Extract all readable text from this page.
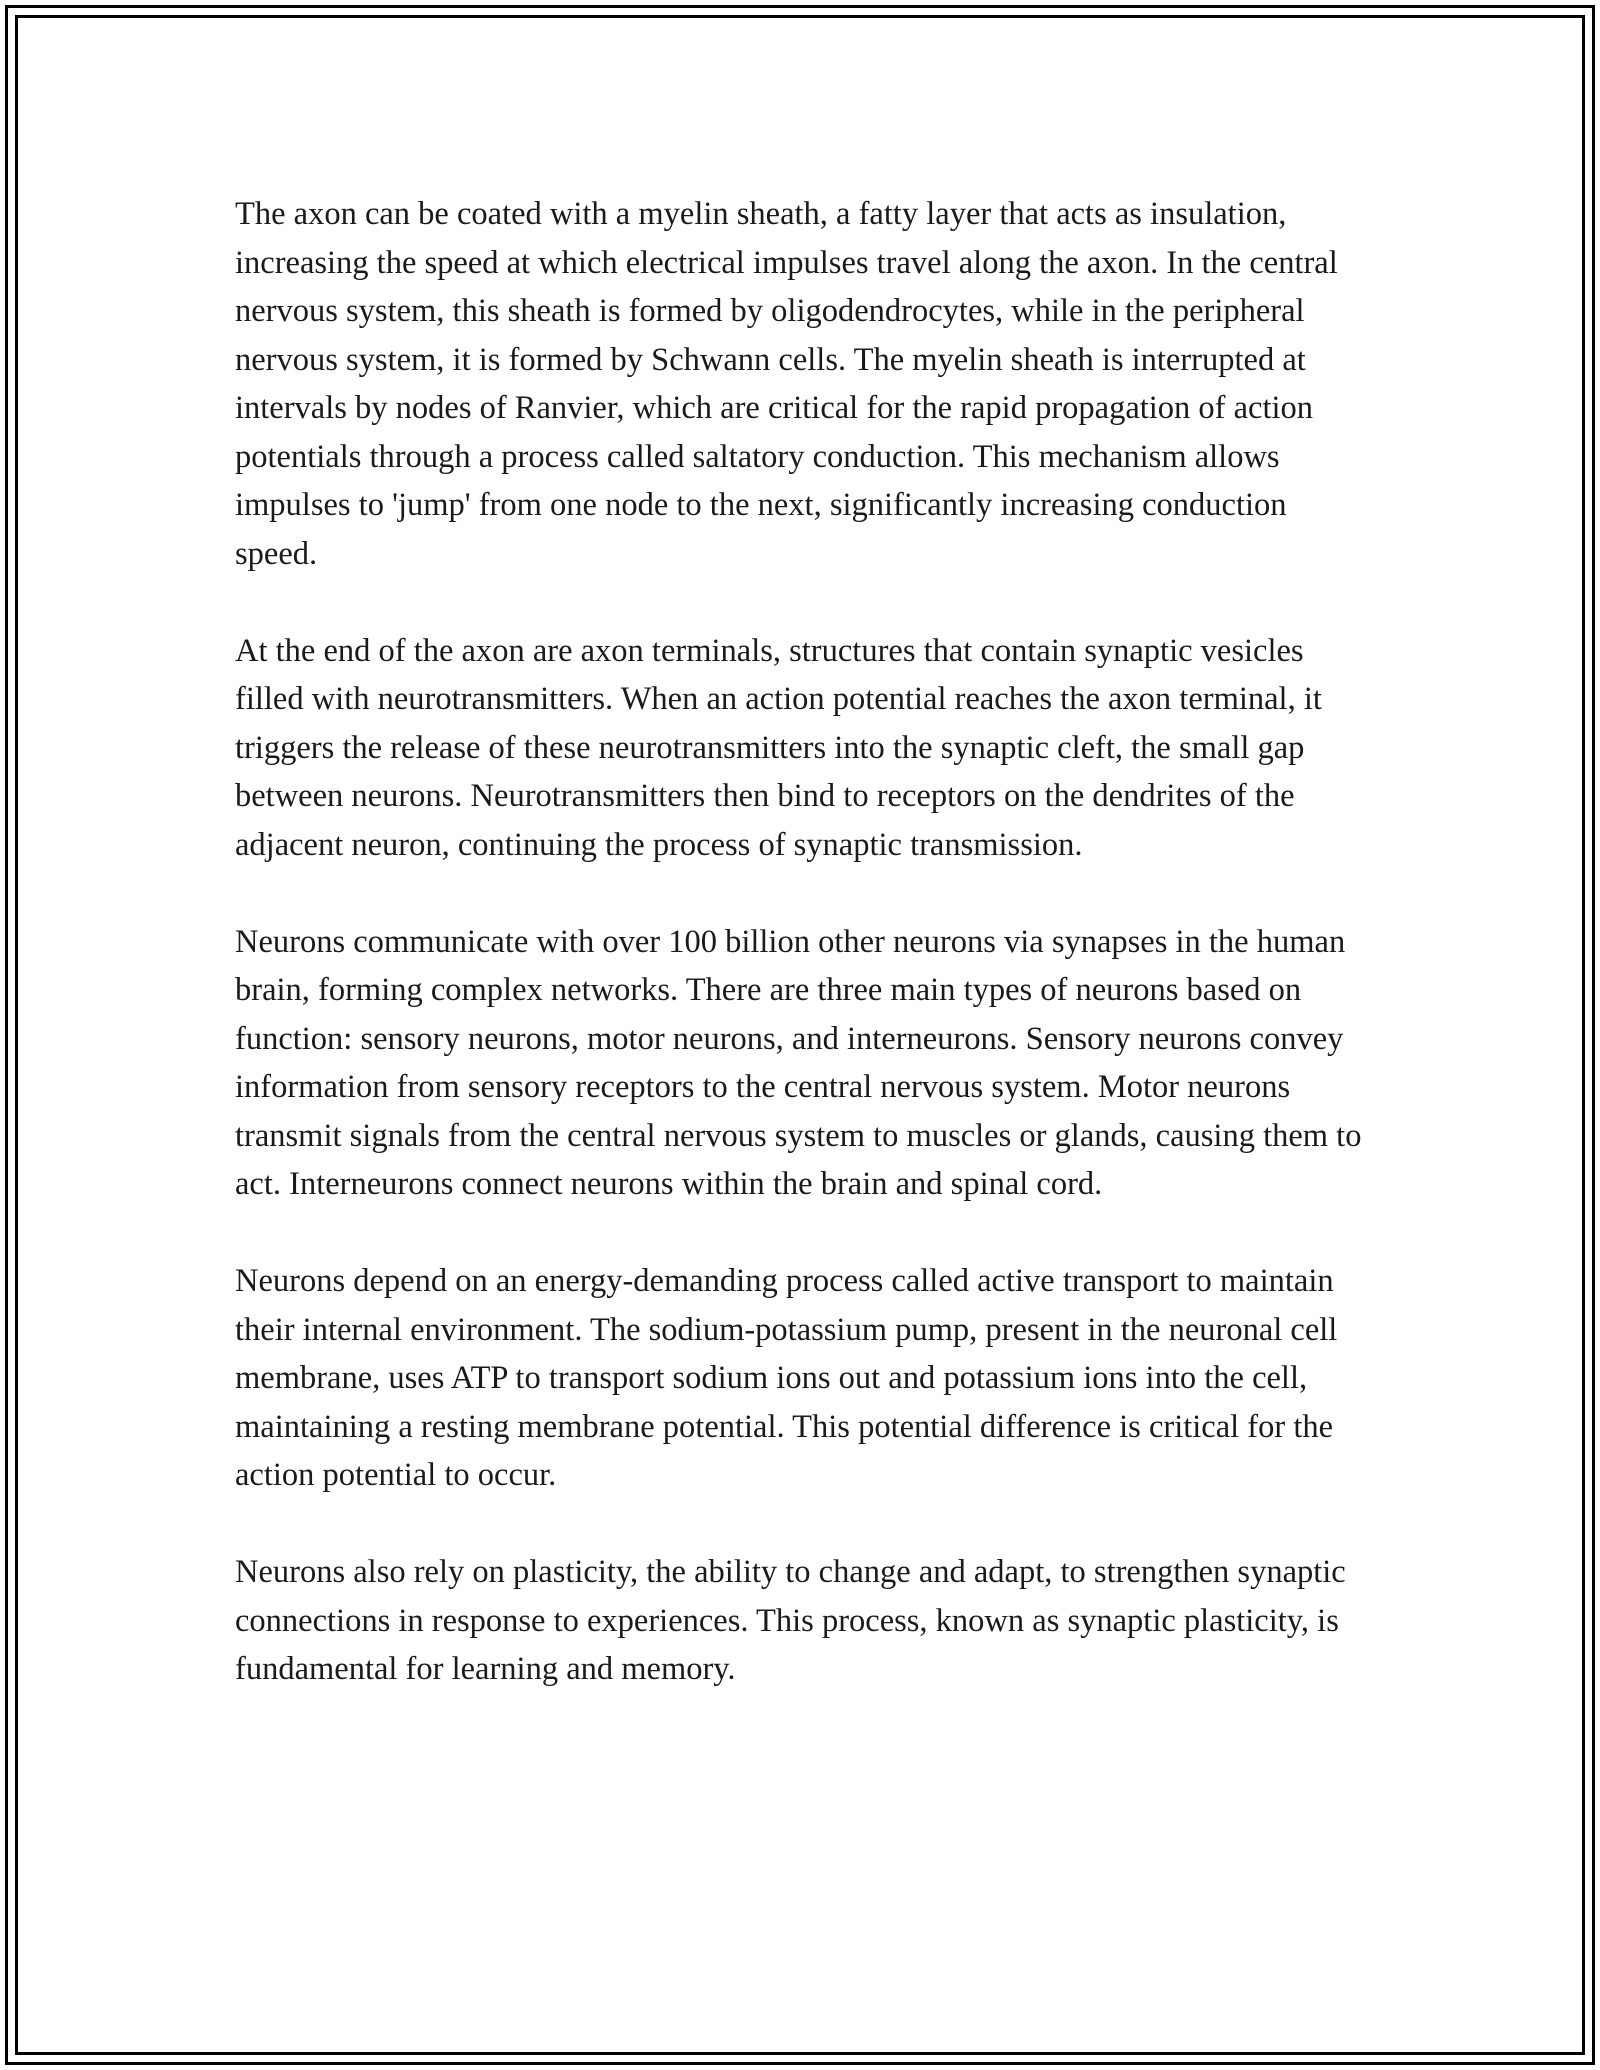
The axon can be coated with a myelin sheath, a fatty layer that acts as insulation, increasing the speed at which electrical impulses travel along the axon. In the central nervous system, this sheath is formed by oligodendrocytes, while in the peripheral nervous system, it is formed by Schwann cells. The myelin sheath is interrupted at intervals by nodes of Ranvier, which are critical for the rapid propagation of action potentials through a process called saltatory conduction. This mechanism allows impulses to 'jump' from one node to the next, significantly increasing conduction speed.

At the end of the axon are axon terminals, structures that contain synaptic vesicles filled with neurotransmitters. When an action potential reaches the axon terminal, it triggers the release of these neurotransmitters into the synaptic cleft, the small gap between neurons. Neurotransmitters then bind to receptors on the dendrites of the adjacent neuron, continuing the process of synaptic transmission.

Neurons communicate with over 100 billion other neurons via synapses in the human brain, forming complex networks. There are three main types of neurons based on function: sensory neurons, motor neurons, and interneurons. Sensory neurons convey information from sensory receptors to the central nervous system. Motor neurons transmit signals from the central nervous system to muscles or glands, causing them to act. Interneurons connect neurons within the brain and spinal cord.

Neurons depend on an energy-demanding process called active transport to maintain their internal environment. The sodium-potassium pump, present in the neuronal cell membrane, uses ATP to transport sodium ions out and potassium ions into the cell, maintaining a resting membrane potential. This potential difference is critical for the action potential to occur.

Neurons also rely on plasticity, the ability to change and adapt, to strengthen synaptic connections in response to experiences. This process, known as synaptic plasticity, is fundamental for learning and memory.
